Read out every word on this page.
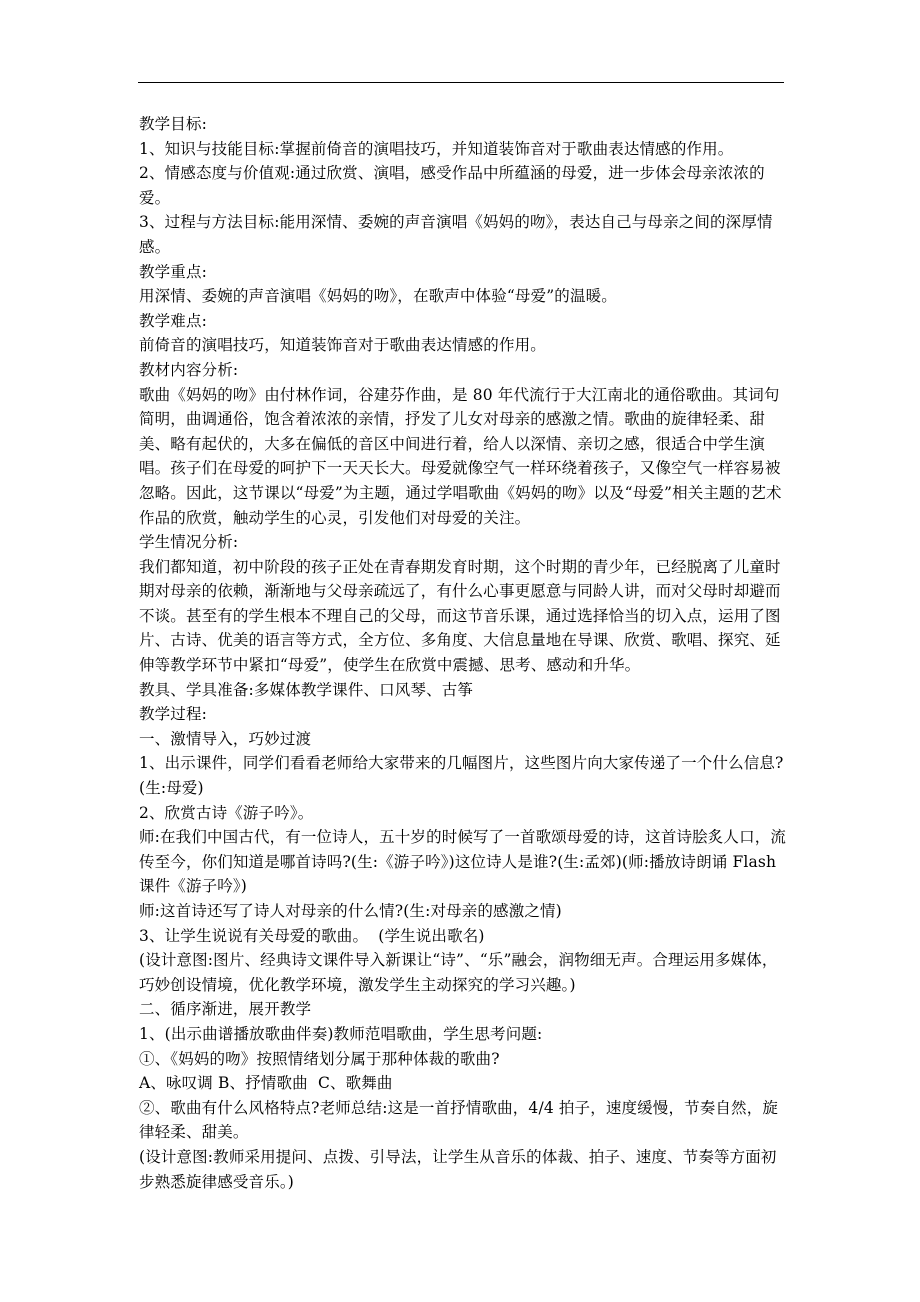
教学目标:

1、知识与技能目标:掌握前倚音的演唱技巧，并知道装饰音对于歌曲表达情感的作用。

2、情感态度与价值观:通过欣赏、演唱，感受作品中所蕴涵的母爱，进一步体会母亲浓浓的爱。

3、过程与方法目标:能用深情、委婉的声音演唱《妈妈的吻》，表达自己与母亲之间的深厚情感。

教学重点:

用深情、委婉的声音演唱《妈妈的吻》，在歌声中体验“母爱”的温暖。

教学难点:

前倚音的演唱技巧，知道装饰音对于歌曲表达情感的作用。

教材内容分析:

歌曲《妈妈的吻》由付林作词，谷建芬作曲，是 80 年代流行于大江南北的通俗歌曲。其词句简明，曲调通俗，饱含着浓浓的亲情，抒发了儿女对母亲的感激之情。歌曲的旋律轻柔、甜美、略有起伏的，大多在偏低的音区中间进行着，给人以深情、亲切之感，很适合中学生演唱。孩子们在母爱的呵护下一天天长大。母爱就像空气一样环绕着孩子，又像空气一样容易被忽略。因此，这节课以“母爱”为主题，通过学唱歌曲《妈妈的吻》以及“母爱”相关主题的艺术作品的欣赏，触动学生的心灵，引发他们对母爱的关注。

学生情况分析:

我们都知道，初中阶段的孩子正处在青春期发育时期，这个时期的青少年，已经脱离了儿童时期对母亲的依赖，渐渐地与父母亲疏远了，有什么心事更愿意与同龄人讲，而对父母时却避而不谈。甚至有的学生根本不理自己的父母，而这节音乐课，通过选择恰当的切入点，运用了图片、古诗、优美的语言等方式，全方位、多角度、大信息量地在导课、欣赏、歌唱、探究、延伸等教学环节中紧扣“母爱”，使学生在欣赏中震撼、思考、感动和升华。

教具、学具准备:多媒体教学课件、口风琴、古筝

教学过程:

一、激情导入，巧妙过渡

1、出示课件，同学们看看老师给大家带来的几幅图片，这些图片向大家传递了一个什么信息?(生:母爱)

2、欣赏古诗《游子吟》。

师:在我们中国古代，有一位诗人，五十岁的时候写了一首歌颂母爱的诗，这首诗脍炙人口，流传至今，你们知道是哪首诗吗?(生:《游子吟》)这位诗人是谁?(生:孟郊)(师:播放诗朗诵 Flash 课件《游子吟》)

师:这首诗还写了诗人对母亲的什么情?(生:对母亲的感激之情)

3、让学生说说有关母爱的歌曲。  (学生说出歌名)

(设计意图:图片、经典诗文课件导入新课让“诗”、“乐”融会，润物细无声。合理运用多媒体，巧妙创设情境，优化教学环境，激发学生主动探究的学习兴趣。)

二、循序渐进，展开教学

1、(出示曲谱播放歌曲伴奏)教师范唱歌曲，学生思考问题:

①、《妈妈的吻》按照情绪划分属于那种体裁的歌曲?

A、咏叹调 B、抒情歌曲  C、歌舞曲

②、歌曲有什么风格特点?老师总结:这是一首抒情歌曲，4/4 拍子，速度缓慢，节奏自然，旋律轻柔、甜美。

(设计意图:教师采用提问、点拨、引导法，让学生从音乐的体裁、拍子、速度、节奏等方面初步熟悉旋律感受音乐。)
